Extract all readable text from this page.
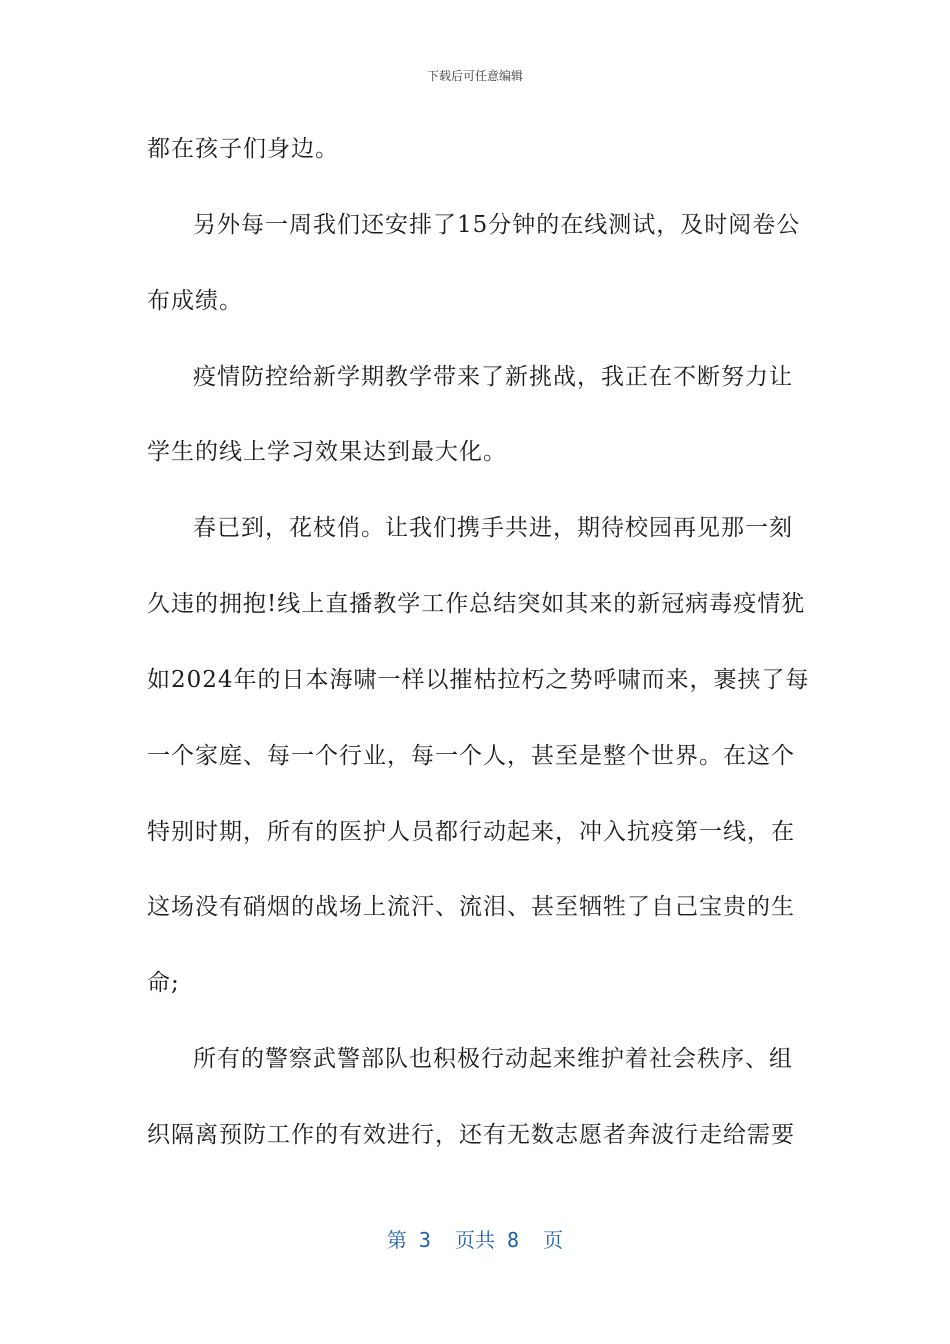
下载后可任意编辑
都在孩子们身边。
另外每一周我们还安排了15分钟的在线测试，及时阅卷公
布成绩。
疫情防控给新学期教学带来了新挑战，我正在不断努力让
学生的线上学习效果达到最大化。
春已到，花枝俏。让我们携手共进，期待校园再见那一刻
久违的拥抱!线上直播教学工作总结突如其来的新冠病毒疫情犹
如2024年的日本海啸一样以摧枯拉朽之势呼啸而来，裹挟了每
一个家庭、每一个行业，每一个人，甚至是整个世界。在这个
特别时期，所有的医护人员都行动起来，冲入抗疫第一线，在
这场没有硝烟的战场上流汗、流泪、甚至牺牲了自己宝贵的生
命;
所有的警察武警部队也积极行动起来维护着社会秩序、组
织隔离预防工作的有效进行，还有无数志愿者奔波行走给需要
第 3  页共 8  页
